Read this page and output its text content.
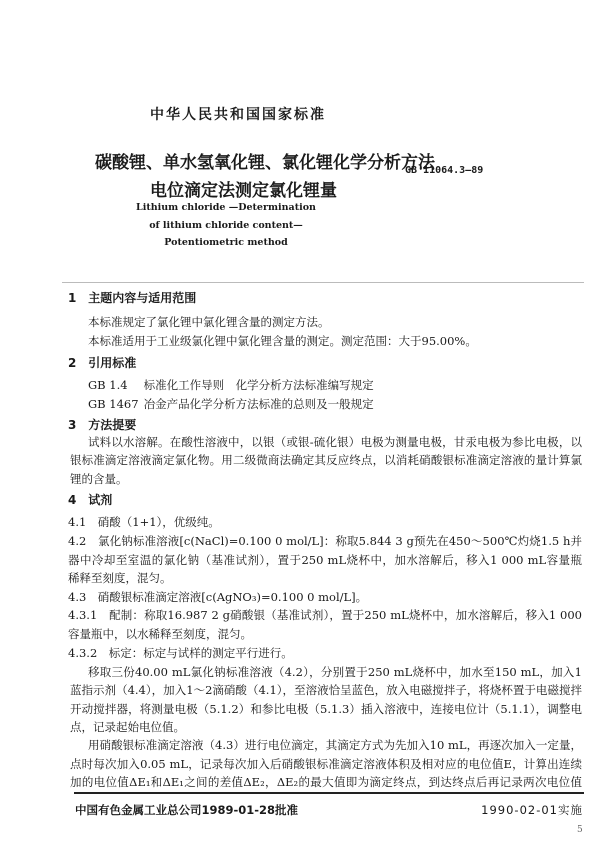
中华人民共和国国家标准
碳酸锂、单水氢氧化锂、氯化锂化学分析方法
电位滴定法测定氯化锂量
GB 11064.3—89
Lithium chloride —Determination
of lithium chloride content—
Potentiometric method
1 主题内容与适用范围
本标准规定了氯化锂中氯化锂含量的测定方法。
本标准适用于工业级氯化锂中氯化锂含量的测定。测定范围：大于95.00%。
2 引用标准
GB 1.4 标准化工作导则　化学分析方法标准编写规定
GB 1467 冶金产品化学分析方法标准的总则及一般规定
3 方法提要
试料以水溶解。在酸性溶液中，以银（或银-硫化银）电极为测量电极，甘汞电极为参比电极，以
银标准滴定溶液滴定氯化物。用二级微商法确定其反应终点，以消耗硝酸银标准滴定溶液的量计算氯
锂的含量。
4 试剂
4.1　硝酸（1+1），优级纯。
4.2　氯化钠标准溶液[c(NaCl)=0.100 0 mol/L]：称取5.844 3 g预先在450～500℃灼烧1.5 h并
器中冷却至室温的氯化钠（基准试剂），置于250 mL烧杯中，加水溶解后，移入1 000 mL容量瓶
稀释至刻度，混匀。
4.3　硝酸银标准滴定溶液[c(AgNO₃)=0.100 0 mol/L]。
4.3.1　配制：称取16.987 2 g硝酸银（基准试剂），置于250 mL烧杯中，加水溶解后，移入1 000
容量瓶中，以水稀释至刻度，混匀。
4.3.2　标定：标定与试样的测定平行进行。
移取三份40.00 mL氯化钠标准溶液（4.2），分别置于250 mL烧杯中，加水至150 mL，加入1
蓝指示剂（4.4），加入1～2滴硝酸（4.1），至溶液恰呈蓝色，放入电磁搅拌子，将烧杯置于电磁搅拌
开动搅拌器，将测量电极（5.1.2）和参比电极（5.1.3）插入溶液中，连接电位计（5.1.1），调整电
点，记录起始电位值。
用硝酸银标准滴定溶液（4.3）进行电位滴定，其滴定方式为先加入10 mL，再逐次加入一定量，
点时每次加入0.05 mL，记录每次加入后硝酸银标准滴定溶液体积及相对应的电位值E，计算出连续
加的电位值ΔE₁和ΔE₁之间的差值ΔE₂，ΔE₂的最大值即为滴定终点，到达终点后再记录两次电位值
中国有色金属工业总公司1989-01-28批准	1990-02-01实施
5
